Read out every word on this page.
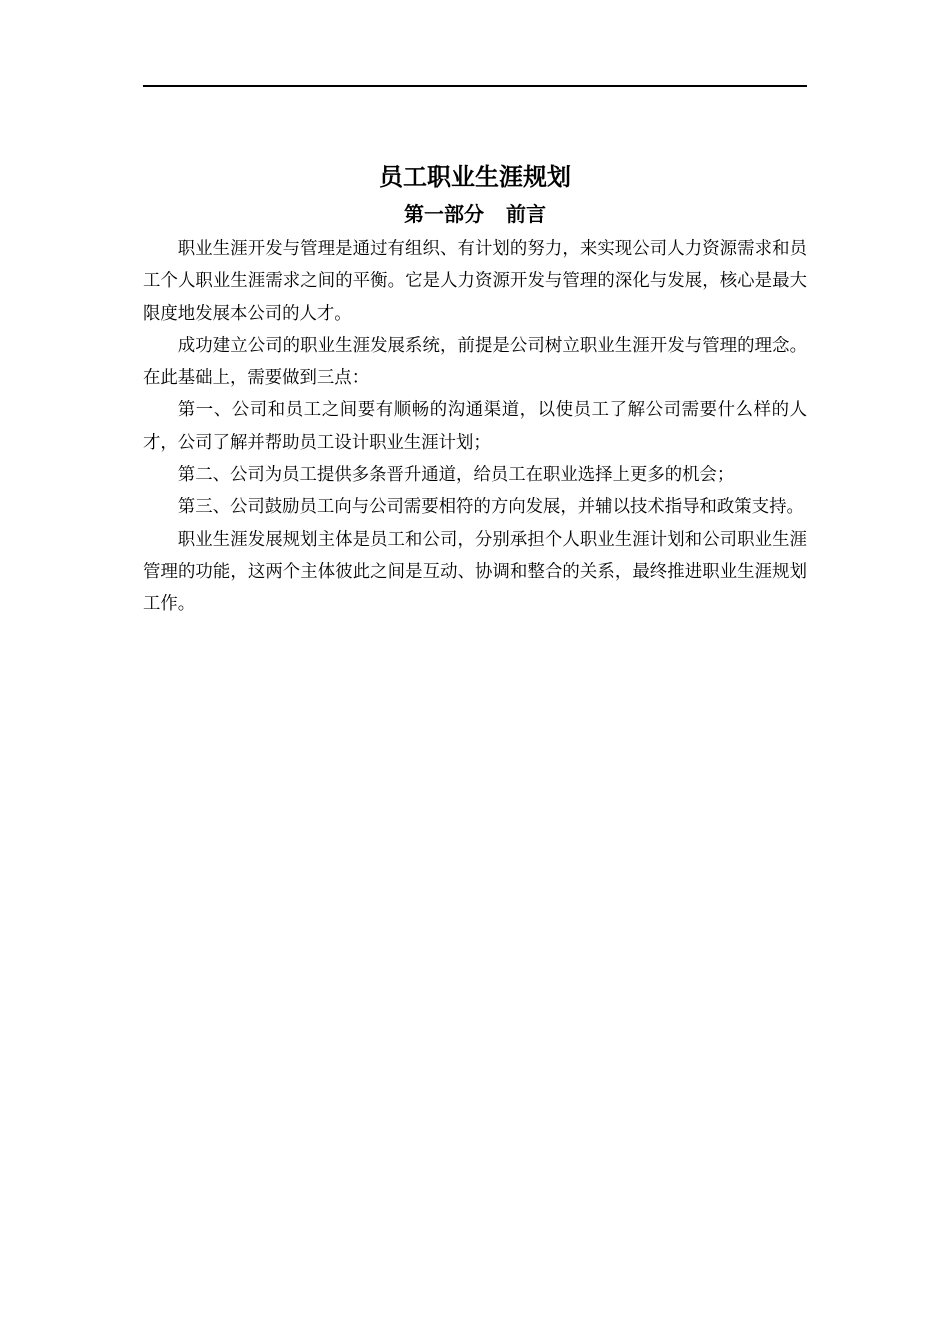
员工职业生涯规划
第一部分 前言

职业生涯开发与管理是通过有组织、有计划的努力，来实现公司人力资源需求和员工个人职业生涯需求之间的平衡。它是人力资源开发与管理的深化与发展，核心是最大限度地发展本公司的人才。

成功建立公司的职业生涯发展系统，前提是公司树立职业生涯开发与管理的理念。在此基础上，需要做到三点：

第一、公司和员工之间要有顺畅的沟通渠道，以使员工了解公司需要什么样的人才，公司了解并帮助员工设计职业生涯计划；

第二、公司为员工提供多条晋升通道，给员工在职业选择上更多的机会；

第三、公司鼓励员工向与公司需要相符的方向发展，并辅以技术指导和政策支持。

职业生涯发展规划主体是员工和公司，分别承担个人职业生涯计划和公司职业生涯管理的功能，这两个主体彼此之间是互动、协调和整合的关系，最终推进职业生涯规划工作。
